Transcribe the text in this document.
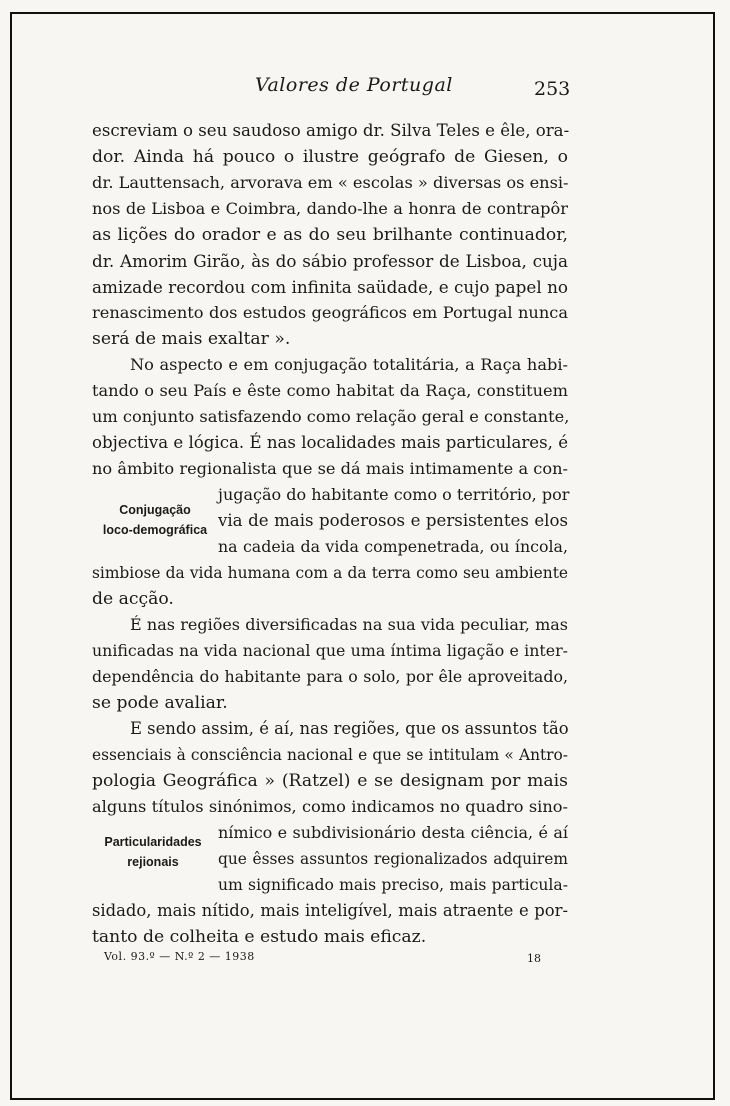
Valores de Portugal	253
escreviam o seu saudoso amigo dr. Silva Teles e êle, ora-
dor. Ainda há pouco o ilustre geógrafo de Giesen, o
dr. Lauttensach, arvorava em « escolas » diversas os ensi-
nos de Lisboa e Coimbra, dando-lhe a honra de contrapôr
as lições do orador e as do seu brilhante continuador,
dr. Amorim Girão, às do sábio professor de Lisboa, cuja
amizade recordou com infinita saüdade, e cujo papel no
renascimento dos estudos geográficos em Portugal nunca
será de mais exaltar ».
No aspecto e em conjugação totalitária, a Raça habi-
tando o seu País e êste como habitat da Raça, constituem
um conjunto satisfazendo como relação geral e constante,
objectiva e lógica. É nas localidades mais particulares, é
no âmbito regionalista que se dá mais intimamente a con-
jugação do habitante como o território, por
via de mais poderosos e persistentes elos
na cadeia da vida compenetrada, ou íncola,
simbiose da vida humana com a da terra como seu ambiente
de acção.
É nas regiões diversificadas na sua vida peculiar, mas
unificadas na vida nacional que uma íntima ligação e inter-
dependência do habitante para o solo, por êle aproveitado,
se pode avaliar.
E sendo assim, é aí, nas regiões, que os assuntos tão
essenciais à consciência nacional e que se intitulam « Antro-
pologia Geográfica » (Ratzel) e se designam por mais
alguns títulos sinónimos, como indicamos no quadro sino-
nímico e subdivisionário desta ciência, é aí
que êsses assuntos regionalizados adquirem
um significado mais preciso, mais particula-
sidado, mais nítido, mais inteligível, mais atraente e por-
tanto de colheita e estudo mais eficaz.
Conjugação
loco-demográfica
Particularidades
rejionais
Vol. 93.º — N.º 2 — 1938	18
